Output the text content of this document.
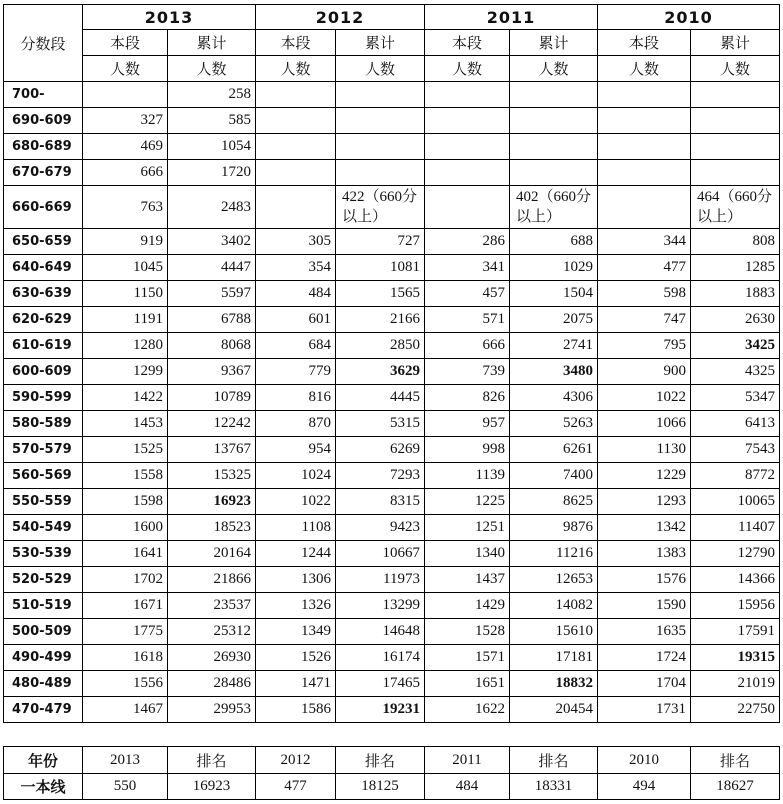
分数段	2013		2012		2011		2010	
	本段	累计	本段	累计	本段	累计	本段	累计
	人数	人数	人数	人数	人数	人数	人数	人数
700-		258						
690-609	327	585						
680-689	469	1054						
670-679	666	1720						
660-669	763	2483		422（660分以上）		402（660分以上）		464（660分以上）
650-659	919	3402	305	727	286	688	344	808
640-649	1045	4447	354	1081	341	1029	477	1285
630-639	1150	5597	484	1565	457	1504	598	1883
620-629	1191	6788	601	2166	571	2075	747	2630
610-619	1280	8068	684	2850	666	2741	795	3425
600-609	1299	9367	779	3629	739	3480	900	4325
590-599	1422	10789	816	4445	826	4306	1022	5347
580-589	1453	12242	870	5315	957	5263	1066	6413
570-579	1525	13767	954	6269	998	6261	1130	7543
560-569	1558	15325	1024	7293	1139	7400	1229	8772
550-559	1598	16923	1022	8315	1225	8625	1293	10065
540-549	1600	18523	1108	9423	1251	9876	1342	11407
530-539	1641	20164	1244	10667	1340	11216	1383	12790
520-529	1702	21866	1306	11973	1437	12653	1576	14366
510-519	1671	23537	1326	13299	1429	14082	1590	15956
500-509	1775	25312	1349	14648	1528	15610	1635	17591
490-499	1618	26930	1526	16174	1571	17181	1724	19315
480-489	1556	28486	1471	17465	1651	18832	1704	21019
470-479	1467	29953	1586	19231	1622	20454	1731	22750
年份	2013	排名	2012	排名	2011	排名	2010	排名
一本线	550	16923	477	18125	484	18331	494	18627
